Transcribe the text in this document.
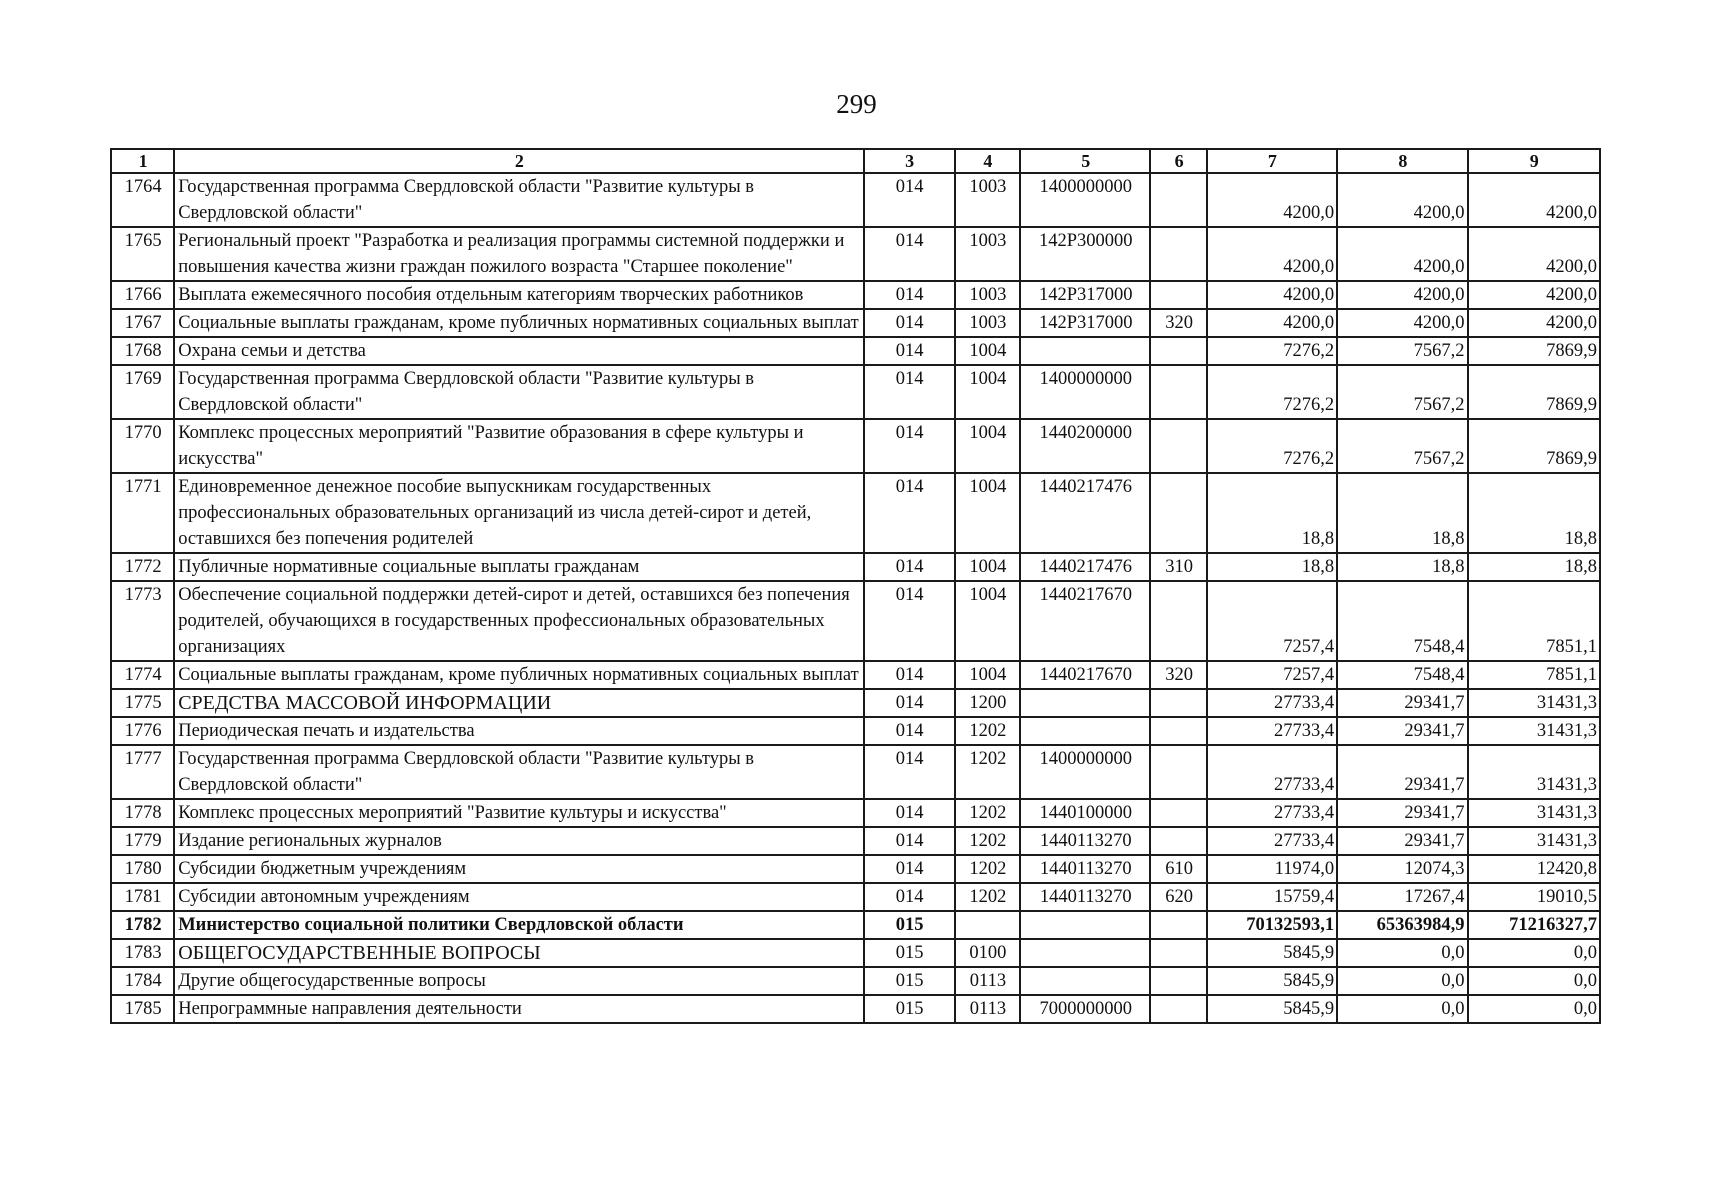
299
1	2	3	4	5	6	7	8	9
1764	Государственная программа Свердловской области "Развитие культуры в Свердловской области"	014	1003	1400000000		4200,0	4200,0	4200,0
1765	Региональный проект "Разработка и реализация программы системной поддержки и повышения качества жизни граждан пожилого возраста "Старшее поколение"	014	1003	142P300000		4200,0	4200,0	4200,0
1766	Выплата ежемесячного пособия отдельным категориям творческих работников	014	1003	142P317000		4200,0	4200,0	4200,0
1767	Социальные выплаты гражданам, кроме публичных нормативных социальных выплат	014	1003	142P317000	320	4200,0	4200,0	4200,0
1768	Охрана семьи и детства	014	1004			7276,2	7567,2	7869,9
1769	Государственная программа Свердловской области "Развитие культуры в Свердловской области"	014	1004	1400000000		7276,2	7567,2	7869,9
1770	Комплекс процессных мероприятий "Развитие образования в сфере культуры и искусства"	014	1004	1440200000		7276,2	7567,2	7869,9
1771	Единовременное денежное пособие выпускникам государственных профессиональных образовательных организаций из числа детей-сирот и детей, оставшихся без попечения родителей	014	1004	1440217476		18,8	18,8	18,8
1772	Публичные нормативные социальные выплаты гражданам	014	1004	1440217476	310	18,8	18,8	18,8
1773	Обеспечение социальной поддержки детей-сирот и детей, оставшихся без попечения родителей, обучающихся в государственных профессиональных образовательных организациях	014	1004	1440217670		7257,4	7548,4	7851,1
1774	Социальные выплаты гражданам, кроме публичных нормативных социальных выплат	014	1004	1440217670	320	7257,4	7548,4	7851,1
1775	СРЕДСТВА МАССОВОЙ ИНФОРМАЦИИ	014	1200			27733,4	29341,7	31431,3
1776	Периодическая печать и издательства	014	1202			27733,4	29341,7	31431,3
1777	Государственная программа Свердловской области "Развитие культуры в Свердловской области"	014	1202	1400000000		27733,4	29341,7	31431,3
1778	Комплекс процессных мероприятий "Развитие культуры и искусства"	014	1202	1440100000		27733,4	29341,7	31431,3
1779	Издание региональных журналов	014	1202	1440113270		27733,4	29341,7	31431,3
1780	Субсидии бюджетным учреждениям	014	1202	1440113270	610	11974,0	12074,3	12420,8
1781	Субсидии автономным учреждениям	014	1202	1440113270	620	15759,4	17267,4	19010,5
1782	Министерство социальной политики Свердловской области	015				70132593,1	65363984,9	71216327,7
1783	ОБЩЕГОСУДАРСТВЕННЫЕ ВОПРОСЫ	015	0100			5845,9	0,0	0,0
1784	Другие общегосударственные вопросы	015	0113			5845,9	0,0	0,0
1785	Непрограммные направления деятельности	015	0113	7000000000		5845,9	0,0	0,0
